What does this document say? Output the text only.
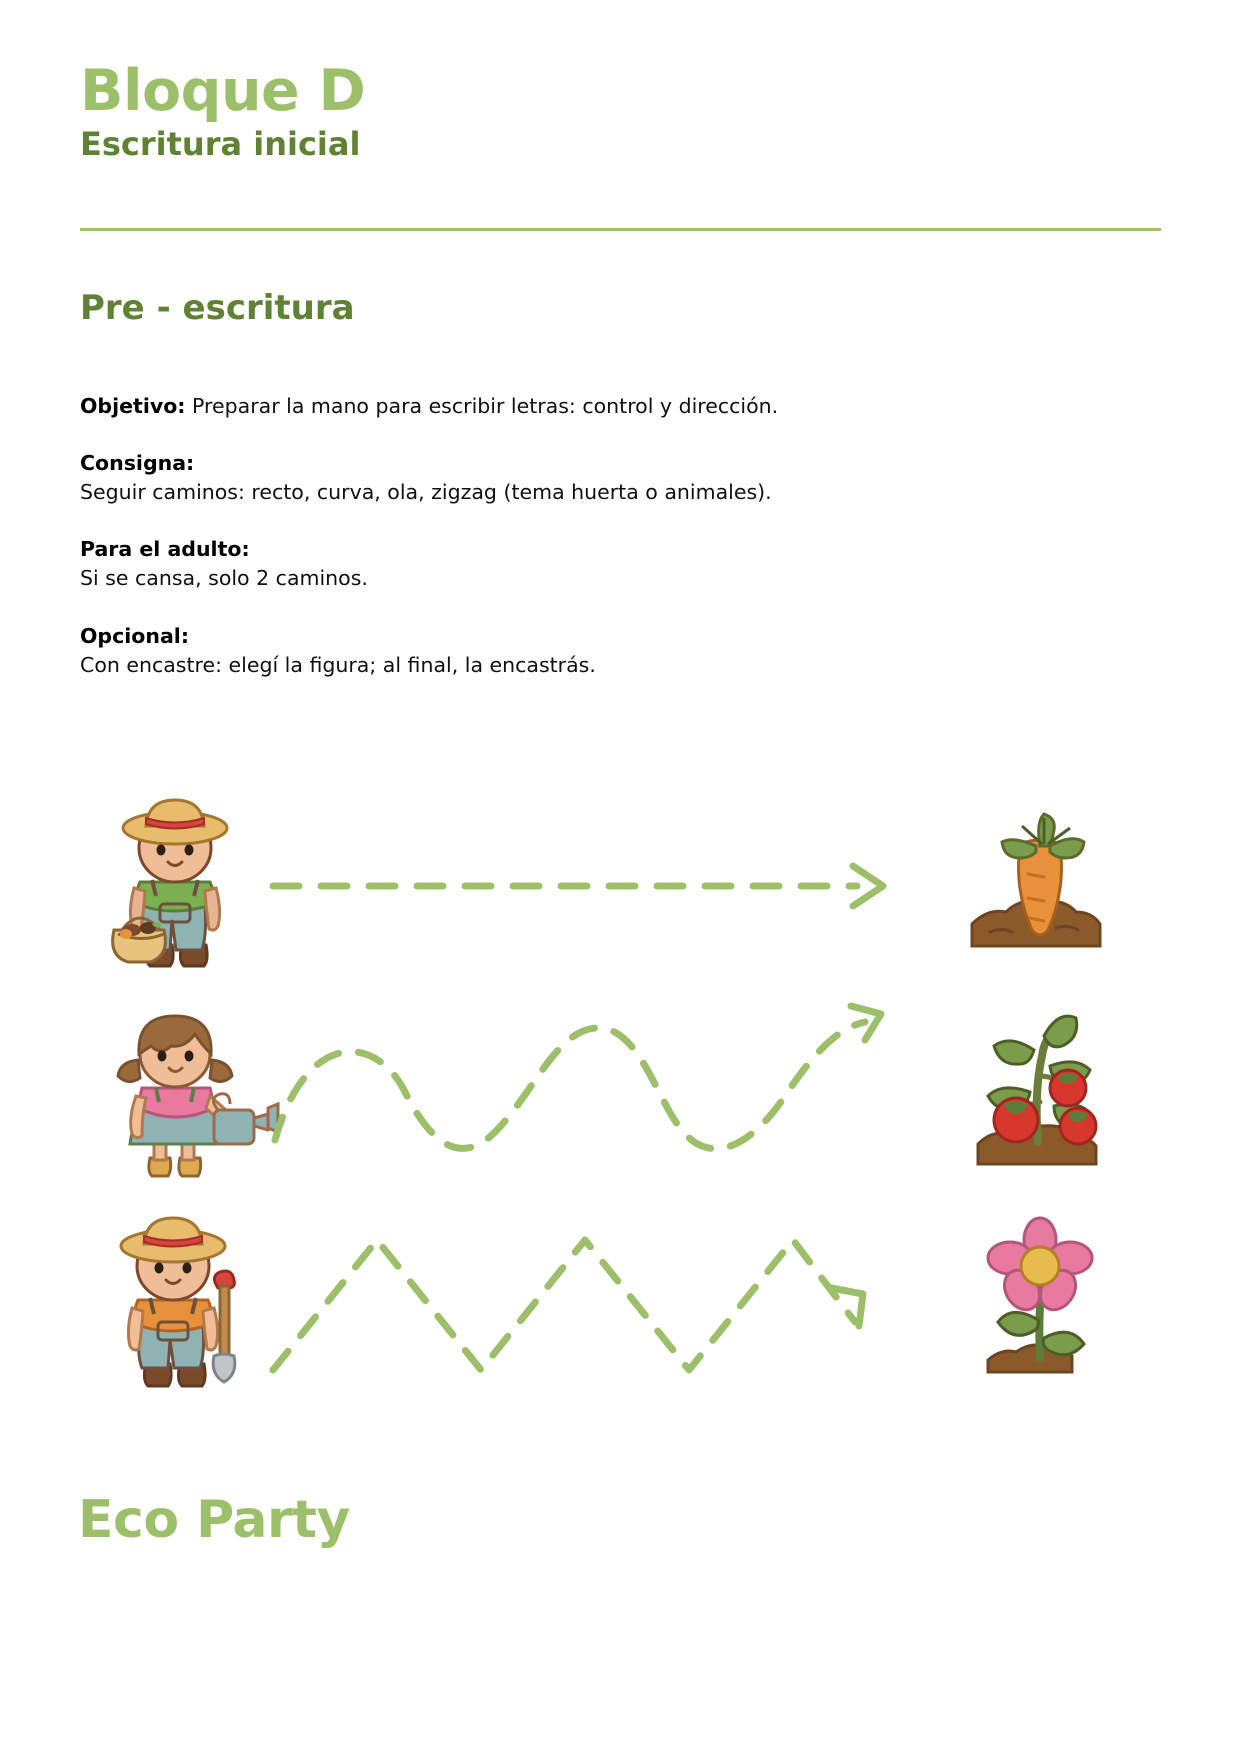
Bloque D
Escritura inicial
Pre - escritura

Objetivo: Preparar la mano para escribir letras: control y dirección.

Consigna:
Seguir caminos: recto, curva, ola, zigzag (tema huerta o animales).

Para el adulto:
Si se cansa, solo 2 caminos.

Opcional:
Con encastre: elegí la figura; al final, la encastrás.

Eco Party
